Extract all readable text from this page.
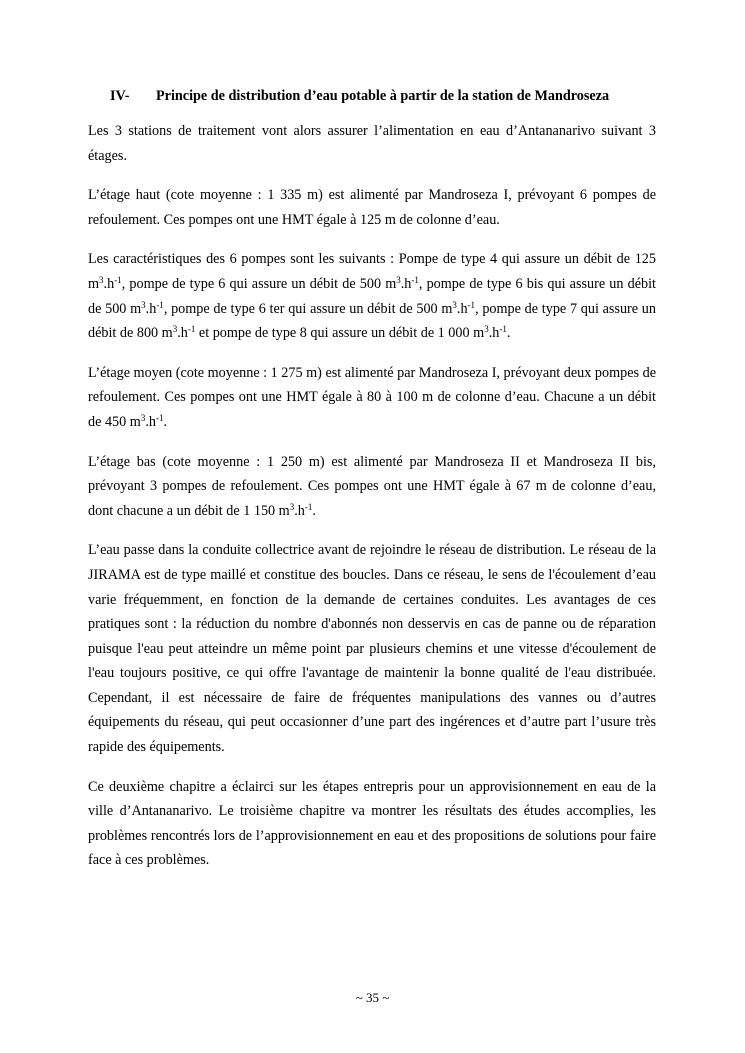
IV- Principe de distribution d’eau potable à partir de la station de Mandroseza

Les 3 stations de traitement vont alors assurer l’alimentation en eau d’Antananarivo suivant 3 étages.

L’étage haut (cote moyenne : 1 335 m) est alimenté par Mandroseza I, prévoyant 6 pompes de refoulement. Ces pompes ont une HMT égale à 125 m de colonne d’eau.

Les caractéristiques des 6 pompes sont les suivants : Pompe de type 4 qui assure un débit de 125 $m^3.h^{-1}$, pompe de type 6 qui assure un débit de 500 $m^3.h^{-1}$, pompe de type 6 bis qui assure un débit de 500 $m^3.h^{-1}$, pompe de type 6 ter qui assure un débit de 500 $m^3.h^{-1}$, pompe de type 7 qui assure un débit de 800 $m^3.h^{-1}$ et pompe de type 8 qui assure un débit de 1 000 $m^3.h^{-1}$.

L’étage moyen (cote moyenne : 1 275 m) est alimenté par Mandroseza I, prévoyant deux pompes de refoulement. Ces pompes ont une HMT égale à 80 à 100 m de colonne d’eau. Chacune a un débit de 450 $m^3.h^{-1}$.

L’étage bas (cote moyenne : 1 250 m) est alimenté par Mandroseza II et Mandroseza II bis, prévoyant 3 pompes de refoulement. Ces pompes ont une HMT égale à 67 m de colonne d’eau, dont chacune a un débit de 1 150 $m^3.h^{-1}$.

L’eau passe dans la conduite collectrice avant de rejoindre le réseau de distribution. Le réseau de la JIRAMA est de type maillé et constitue des boucles. Dans ce réseau, le sens de l'écoulement d’eau varie fréquemment, en fonction de la demande de certaines conduites. Les avantages de ces pratiques sont : la réduction du nombre d'abonnés non desservis en cas de panne ou de réparation puisque l'eau peut atteindre un même point par plusieurs chemins et une vitesse d'écoulement de l'eau toujours positive, ce qui offre l'avantage de maintenir la bonne qualité de l'eau distribuée. Cependant, il est nécessaire de faire de fréquentes manipulations des vannes ou d’autres équipements du réseau, qui peut occasionner d’une part des ingérences et d’autre part l’usure très rapide des équipements.

Ce deuxième chapitre a éclairci sur les étapes entrepris pour un approvisionnement en eau de la ville d’Antananarivo. Le troisième chapitre va montrer les résultats des études accomplies, les problèmes rencontrés lors de l’approvisionnement en eau et des propositions de solutions pour faire face à ces problèmes.

~ 35 ~
